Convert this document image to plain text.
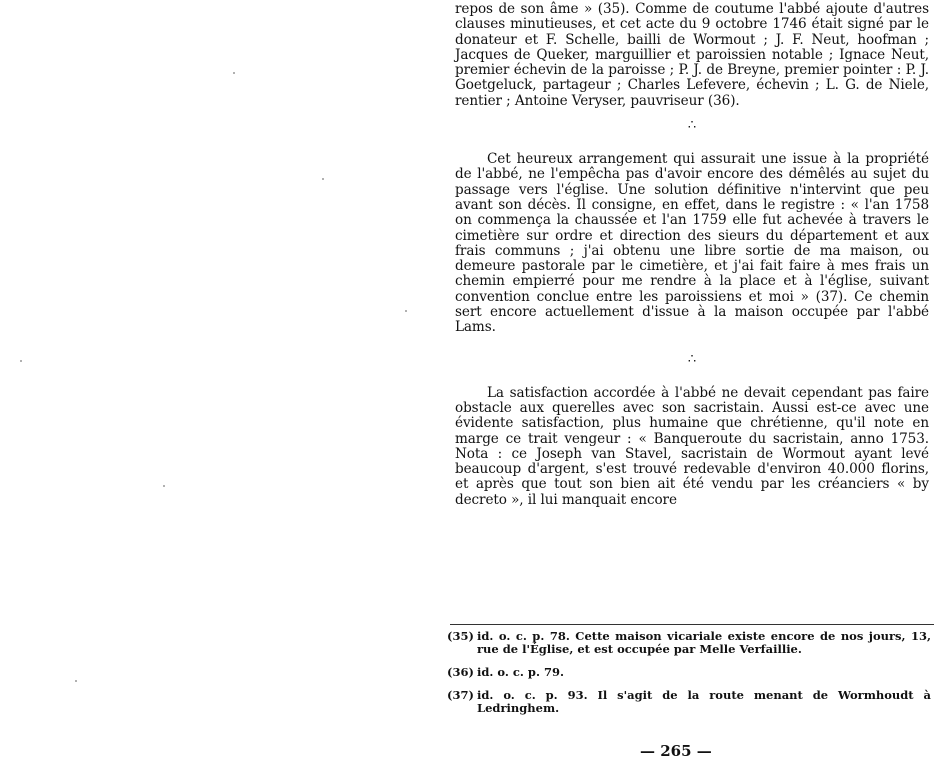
repos de son âme » (35). Comme de coutume l'abbé ajoute d'autres clauses minutieuses, et cet acte du 9 octobre 1746 était signé par le donateur et F. Schelle, bailli de Wormout ; J. F. Neut, hoofman ; Jacques de Queker, marguillier et paroissien notable ; Ignace Neut, premier échevin de la paroisse ; P. J. de Breyne, premier pointer : P. J. Goetgeluck, partageur ; Charles Lefevere, échevin ; L. G. de Niele, rentier ; Antoine Veryser, pauvriseur (36).

∴

Cet heureux arrangement qui assurait une issue à la propriété de l'abbé, ne l'empêcha pas d'avoir encore des démêlés au sujet du passage vers l'église. Une solution définitive n'intervint que peu avant son décès. Il consigne, en effet, dans le registre : « l'an 1758 on commença la chaussée et l'an 1759 elle fut achevée à travers le cimetière sur ordre et direction des sieurs du département et aux frais communs ; j'ai obtenu une libre sortie de ma maison, ou demeure pastorale par le cimetière, et j'ai fait faire à mes frais un chemin empierré pour me rendre à la place et à l'église, suivant convention conclue entre les paroissiens et moi » (37). Ce chemin sert encore actuellement d'issue à la maison occupée par l'abbé Lams.

∴

La satisfaction accordée à l'abbé ne devait cependant pas faire obstacle aux querelles avec son sacristain. Aussi est-ce avec une évidente satisfaction, plus humaine que chrétienne, qu'il note en marge ce trait vengeur : « Banqueroute du sacristain, anno 1753. Nota : ce Joseph van Stavel, sacristain de Wormout ayant levé beaucoup d'argent, s'est trouvé redevable d'environ 40.000 florins, et après que tout son bien ait été vendu par les créanciers « by decreto », il lui manquait encore

(35) id. o. c. p. 78. Cette maison vicariale existe encore de nos jours, 13, rue de l'Église, et est occupée par Melle Verfaillie.
(36) id. o. c. p. 79.
(37) id. o. c. p. 93. Il s'agit de la route menant de Wormhoudt à Ledringhem.
— 265 —
